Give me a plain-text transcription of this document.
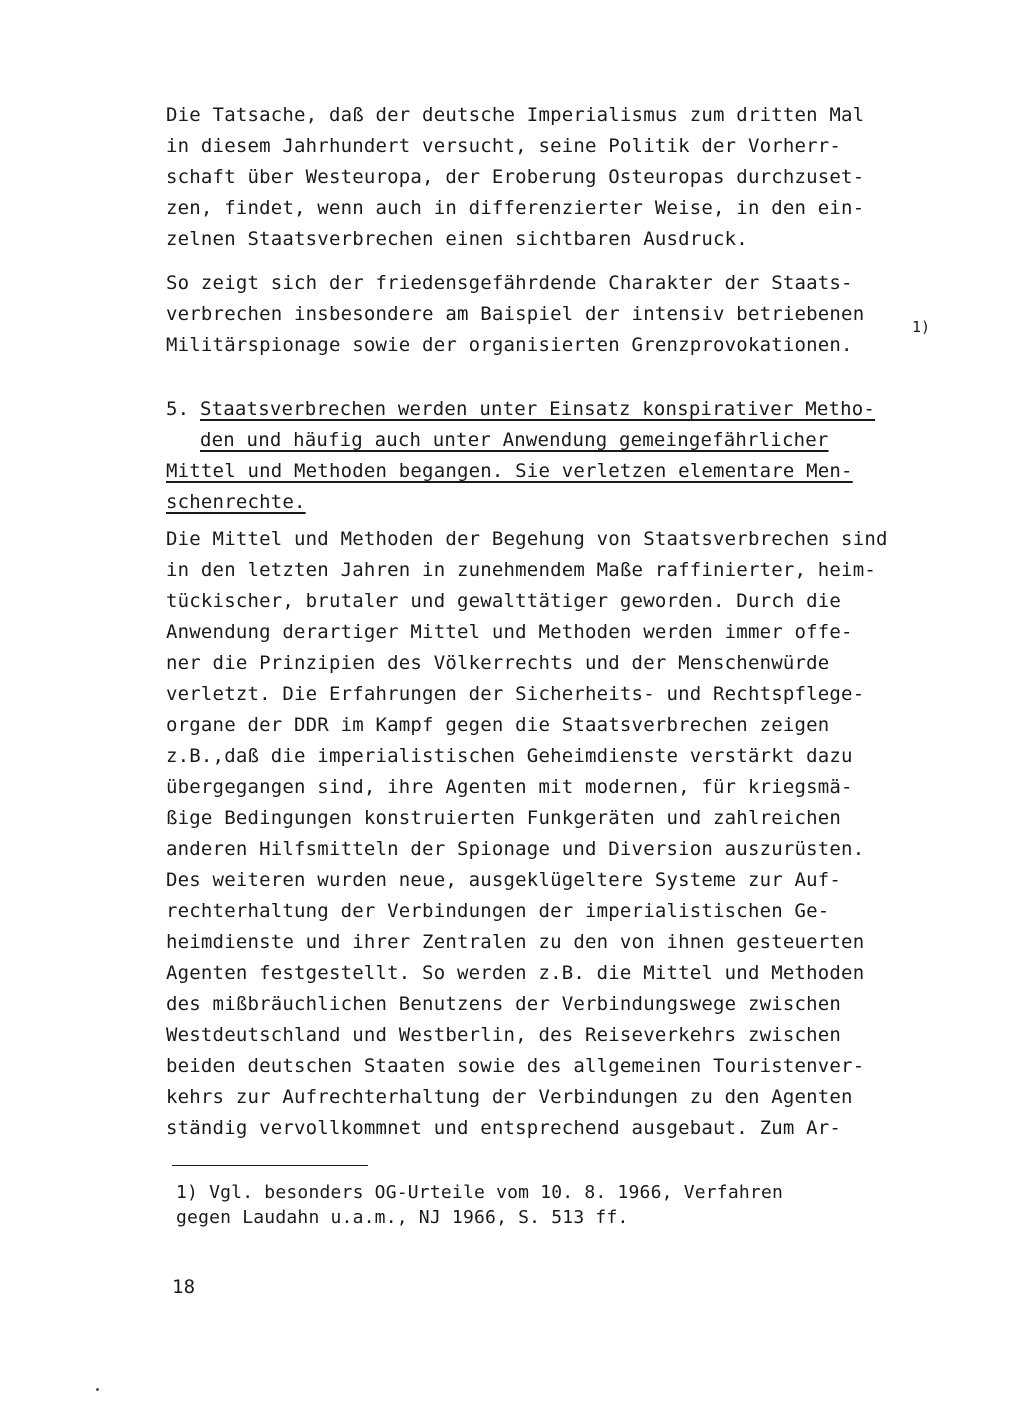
Die Tatsache, daß der deutsche Imperialismus zum dritten Mal
in diesem Jahrhundert versucht, seine Politik der Vorherr-
schaft über Westeuropa, der Eroberung Osteuropas durchzuset-
zen, findet, wenn auch in differenzierter Weise, in den ein-
zelnen Staatsverbrechen einen sichtbaren Ausdruck.
So zeigt sich der friedensgefährdende Charakter der Staats-
verbrechen insbesondere am Baispiel der intensiv betriebenen
Militärspionage sowie der organisierten Grenzprovokationen.
1)
5. Staatsverbrechen werden unter Einsatz konspirativer Metho-
den und häufig auch unter Anwendung gemeingefährlicher
Mittel und Methoden begangen. Sie verletzen elementare Men-
schenrechte.
Die Mittel und Methoden der Begehung von Staatsverbrechen sind
in den letzten Jahren in zunehmendem Maße raffinierter, heim-
tückischer, brutaler und gewalttätiger geworden. Durch die
Anwendung derartiger Mittel und Methoden werden immer offe-
ner die Prinzipien des Völkerrechts und der Menschenwürde
verletzt. Die Erfahrungen der Sicherheits- und Rechtspflege-
organe der DDR im Kampf gegen die Staatsverbrechen zeigen
z.B.,daß die imperialistischen Geheimdienste verstärkt dazu
übergegangen sind, ihre Agenten mit modernen, für kriegsmä-
ßige Bedingungen konstruierten Funkgeräten und zahlreichen
anderen Hilfsmitteln der Spionage und Diversion auszurüsten.
Des weiteren wurden neue, ausgeklügeltere Systeme zur Auf-
rechterhaltung der Verbindungen der imperialistischen Ge-
heimdienste und ihrer Zentralen zu den von ihnen gesteuerten
Agenten festgestellt. So werden z.B. die Mittel und Methoden
des mißbräuchlichen Benutzens der Verbindungswege zwischen
Westdeutschland und Westberlin, des Reiseverkehrs zwischen
beiden deutschen Staaten sowie des allgemeinen Touristenver-
kehrs zur Aufrechterhaltung der Verbindungen zu den Agenten
ständig vervollkommnet und entsprechend ausgebaut. Zum Ar-
1) Vgl. besonders OG-Urteile vom 10. 8. 1966, Verfahren
gegen Laudahn u.a.m., NJ 1966, S. 513 ff.
18
